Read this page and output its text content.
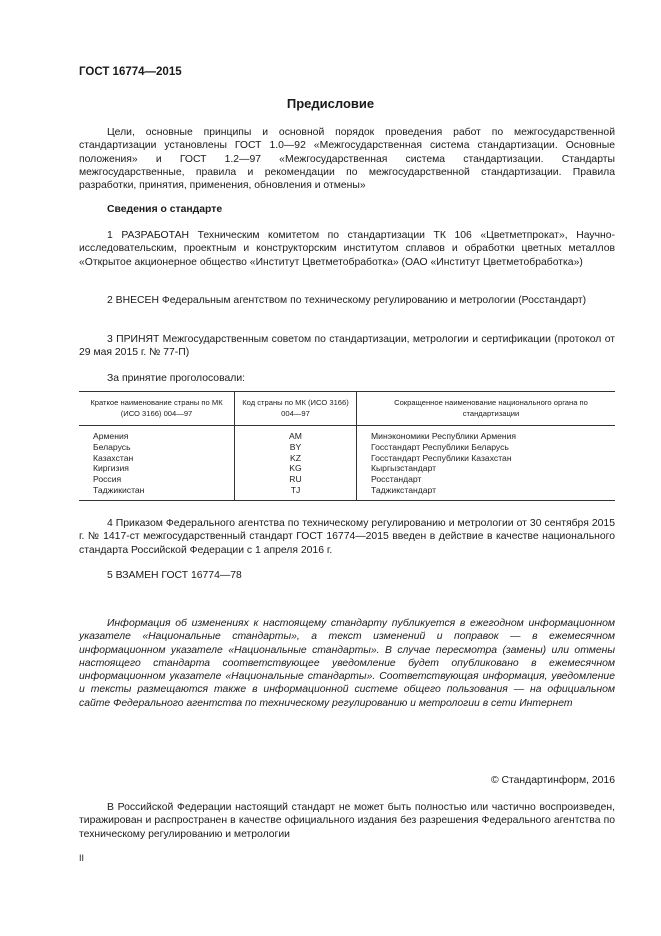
ГОСТ 16774—2015
Предисловие
Цели, основные принципы и основной порядок проведения работ по межгосударственной стандартизации установлены ГОСТ 1.0—92 «Межгосударственная система стандартизации. Основные положения» и ГОСТ 1.2—97 «Межгосударственная система стандартизации. Стандарты межгосударственные, правила и рекомендации по межгосударственной стандартизации. Правила разработки, принятия, применения, обновления и отмены»
Сведения о стандарте
1 РАЗРАБОТАН Техническим комитетом по стандартизации ТК 106 «Цветметпрокат», Научно-исследовательским, проектным и конструкторским институтом сплавов и обработки цветных металлов «Открытое акционерное общество «Институт Цветметобработка» (ОАО «Институт Цветметобработка»)
2 ВНЕСЕН Федеральным агентством по техническому регулированию и метрологии (Росстандарт)
3 ПРИНЯТ Межгосударственным советом по стандартизации, метрологии и сертификации (протокол от 29 мая 2015 г. № 77-П)
За принятие проголосовали:
Краткое наименование страны по МК (ИСО 3166) 004—97	Код страны по МК (ИСО 3166) 004—97	Сокращенное наименование национального органа по стандартизации
Армения	AM	Минэкономики Республики Армения
Беларусь	BY	Госстандарт Республики Беларусь
Казахстан	KZ	Госстандарт Республики Казахстан
Киргизия	KG	Кыргызстандарт
Россия	RU	Росстандарт
Таджикистан	TJ	Таджикстандарт
4 Приказом Федерального агентства по техническому регулированию и метрологии от 30 сентября 2015 г. № 1417-ст межгосударственный стандарт ГОСТ 16774—2015 введен в действие в качестве национального стандарта Российской Федерации с 1 апреля 2016 г.
5 ВЗАМЕН ГОСТ 16774—78
Информация об изменениях к настоящему стандарту публикуется в ежегодном информационном указателе «Национальные стандарты», а текст изменений и поправок — в ежемесячном информационном указателе «Национальные стандарты». В случае пересмотра (замены) или отмены настоящего стандарта соответствующее уведомление будет опубликовано в ежемесячном информационном указателе «Национальные стандарты». Соответствующая информация, уведомление и тексты размещаются также в информационной системе общего пользования — на официальном сайте Федерального агентства по техническому регулированию и метрологии в сети Интернет
© Стандартинформ, 2016
В Российской Федерации настоящий стандарт не может быть полностью или частично воспроизведен, тиражирован и распространен в качестве официального издания без разрешения Федерального агентства по техническому регулированию и метрологии
II
